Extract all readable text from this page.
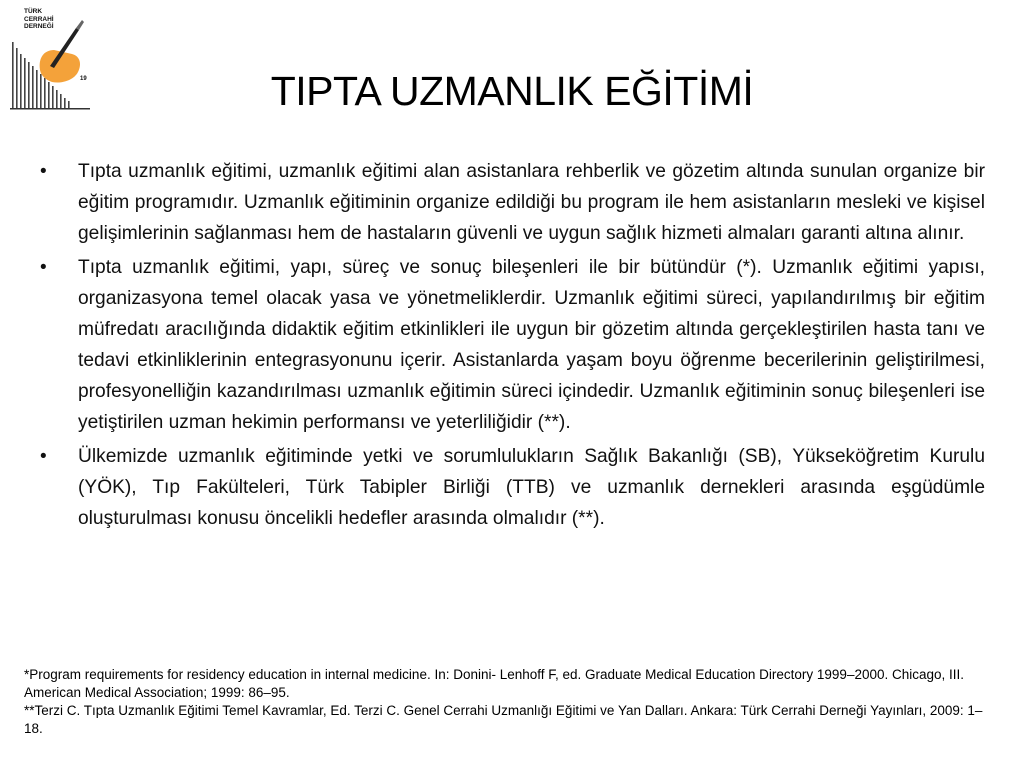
TÜRK
CERRAHİ
DERNEĞİ
19	TIPTA UZMANLIK EĞİTİMİ
• Tıpta uzmanlık eğitimi, uzmanlık eğitimi alan asistanlara rehberlik ve gözetim altında sunulan organize bir eğitim programıdır. Uzmanlık eğitiminin organize edildiği bu program ile hem asistanların mesleki ve kişisel gelişimlerinin sağlanması hem de hastaların güvenli ve uygun sağlık hizmeti almaları garanti altına alınır.
• Tıpta uzmanlık eğitimi, yapı, süreç ve sonuç bileşenleri ile bir bütündür (*). Uzmanlık eğitimi yapısı, organizasyona temel olacak yasa ve yönetmeliklerdir. Uzmanlık eğitimi süreci, yapılandırılmış bir eğitim müfredatı aracılığında didaktik eğitim etkinlikleri ile uygun bir gözetim altında gerçekleştirilen hasta tanı ve tedavi etkinliklerinin entegrasyonunu içerir. Asistanlarda yaşam boyu öğrenme becerilerinin geliştirilmesi, profesyonelliğin kazandırılması uzmanlık eğitimin süreci içindedir. Uzmanlık eğitiminin sonuç bileşenleri ise yetiştirilen uzman hekimin performansı ve yeterliliğidir (**).
• Ülkemizde uzmanlık eğitiminde yetki ve sorumlulukların Sağlık Bakanlığı (SB), Yükseköğretim Kurulu (YÖK), Tıp Fakülteleri, Türk Tabipler Birliği (TTB) ve uzmanlık dernekleri arasında eşgüdümle oluşturulması konusu öncelikli hedefler arasında olmalıdır (**).

*Program requirements for residency education in internal medicine. In: Donini- Lenhoff F, ed. Graduate Medical Education Directory 1999–2000. Chicago, III. American Medical Association; 1999: 86–95.

**Terzi C. Tıpta Uzmanlık Eğitimi Temel Kavramlar, Ed. Terzi C. Genel Cerrahi Uzmanlığı Eğitimi ve Yan Dalları. Ankara: Türk Cerrahi Derneği Yayınları, 2009: 1–18.
